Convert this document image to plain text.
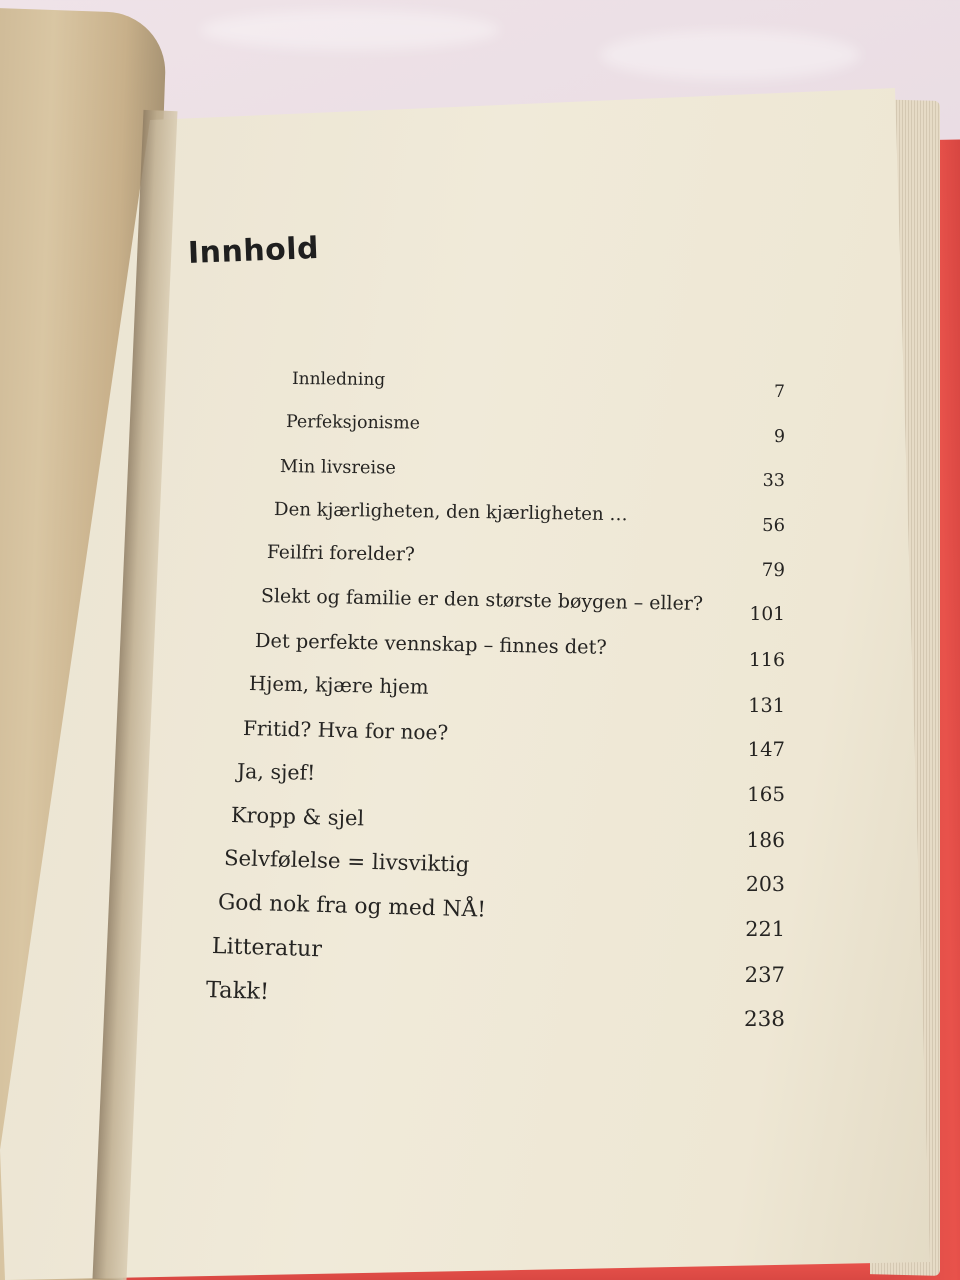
Innhold
Innledning
7
Perfeksjonisme
9
Min livsreise
33
Den kjærligheten, den kjærligheten …
56
Feilfri forelder?
79
Slekt og familie er den største bøygen – eller? 101
Det perfekte vennskap – finnes det?
116
Hjem, kjære hjem
131
Fritid? Hva for noe?
147
Ja, sjef!
165
Kropp & sjel
186
Selvfølelse = livsviktig
203
God nok fra og med NÅ!
221
Litteratur
237
Takk!
238
